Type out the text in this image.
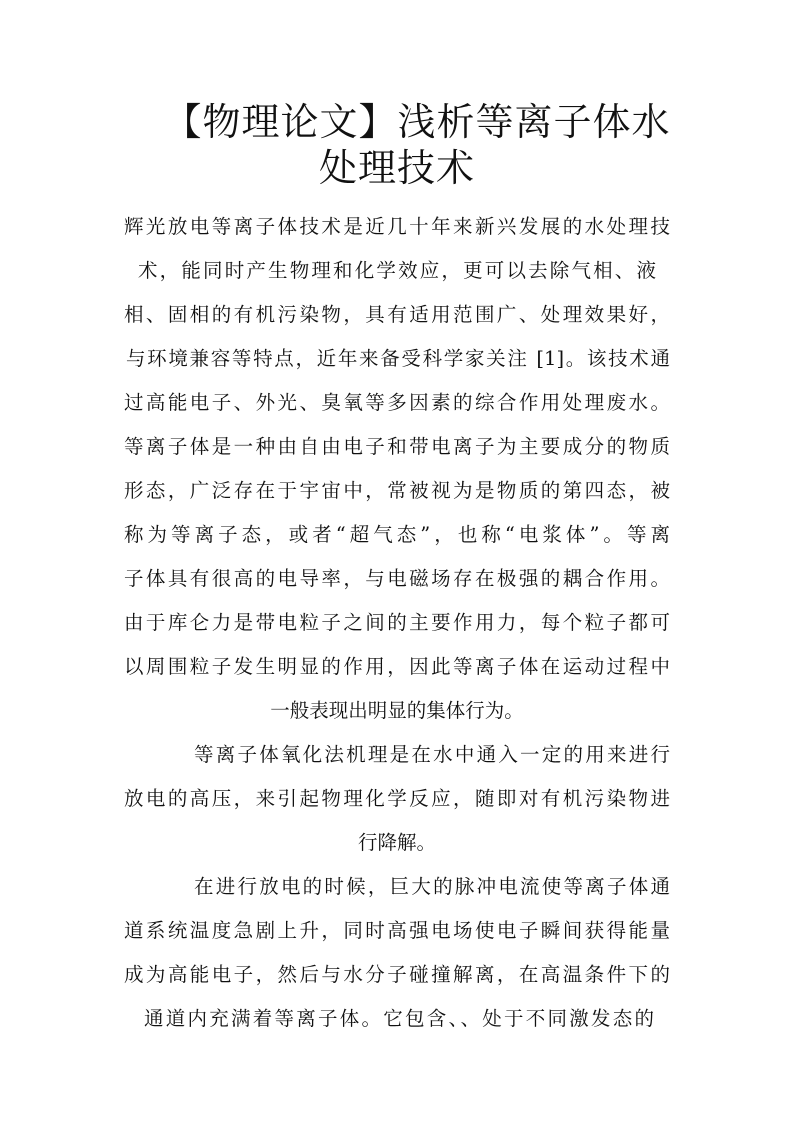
【物理论文】浅析等离子体水
处理技术
辉光放电等离子体技术是近几十年来新兴发展的水处理技
术，能同时产生物理和化学效应，更可以去除气相、液
相、固相的有机污染物，具有适用范围广、处理效果好，
与环境兼容等特点，近年来备受科学家关注 [1]。该技术通
过高能电子、外光、臭氧等多因素的综合作用处理废水。
等离子体是一种由自由电子和带电离子为主要成分的物质
形态，广泛存在于宇宙中，常被视为是物质的第四态，被
称为等离子态，或者“超气态”，也称“电浆体”。等离
子体具有很高的电导率，与电磁场存在极强的耦合作用。
由于库仑力是带电粒子之间的主要作用力，每个粒子都可
以周围粒子发生明显的作用，因此等离子体在运动过程中
一般表现出明显的集体行为。
等离子体氧化法机理是在水中通入一定的用来进行
放电的高压，来引起物理化学反应，随即对有机污染物进
行降解。
在进行放电的时候，巨大的脉冲电流使等离子体通
道系统温度急剧上升，同时高强电场使电子瞬间获得能量
成为高能电子，然后与水分子碰撞解离，在高温条件下的
通道内充满着等离子体。它包含、、处于不同激发态的
